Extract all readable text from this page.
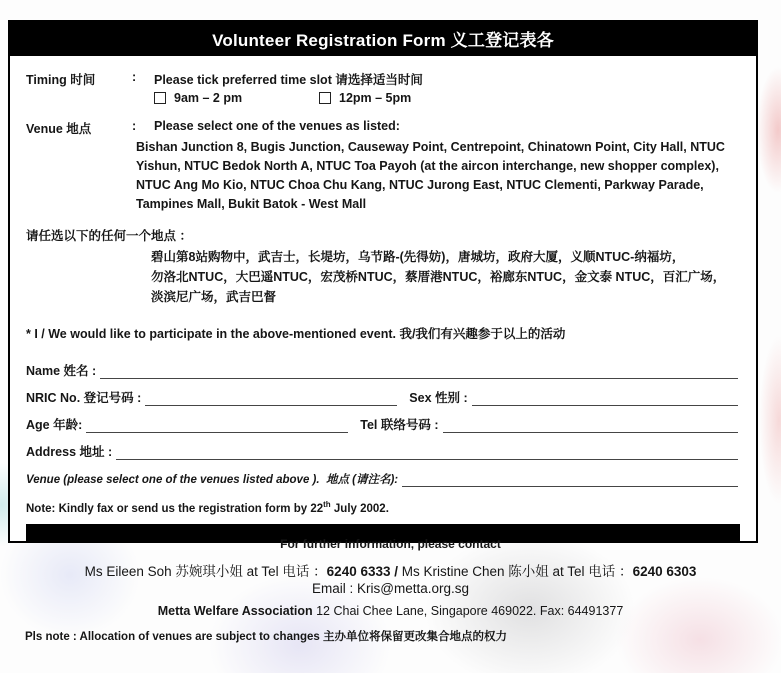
Volunteer Registration Form 义工登记表各
Timing 时间	:	Please tick preferred time slot 请选择适当时间
9am – 2 pm	12pm – 5pm
Venue 地点	:	Please select one of the venues as listed:
Bishan Junction 8, Bugis Junction, Causeway Point, Centrepoint, Chinatown Point, City Hall, NTUC
Yishun, NTUC Bedok North A, NTUC Toa Payoh (at the aircon interchange, new shopper complex),
NTUC Ang Mo Kio, NTUC Choa Chu Kang, NTUC Jurong East, NTUC Clementi, Parkway Parade,
Tampines Mall, Bukit Batok - West Mall
请任选以下的任何一个地点 ：
碧山第8站购物中，武吉士，长堤坊，乌节路-(先得妨)，唐城坊，政府大厦，义顺NTUC-纳福坊，
勿洛北NTUC，大巴遥NTUC，宏茂桥NTUC，蔡厝港NTUC，裕廊东NTUC，金文泰 NTUC，百汇广场，
淡滨尼广场，武吉巴督
* I / We would like to participate in the above-mentioned event. 我/我们有兴趣参于以上的活动
Name 姓名 :
NRIC No. 登记号码 :	Sex 性别 :
Age 年龄:	Tel 联络号码 :
Address 地址 :
Venue (please select one of the venues listed above ).  地点 (请注名):
Note: Kindly fax or send us the registration form by 22th July 2002.
For further information, please contact
Ms Eileen Soh 苏婉琪小姐 at Tel 电话 ：6240 6333 / Ms Kristine Chen 陈小姐 at Tel 电话 ：6240 6303
Email : Kris@metta.org.sg
Metta Welfare Association 12 Chai Chee Lane, Singapore 469022. Fax: 64491377
Pls note : Allocation of venues are subject to changes 主办单位将保留更改集合地点的权力
